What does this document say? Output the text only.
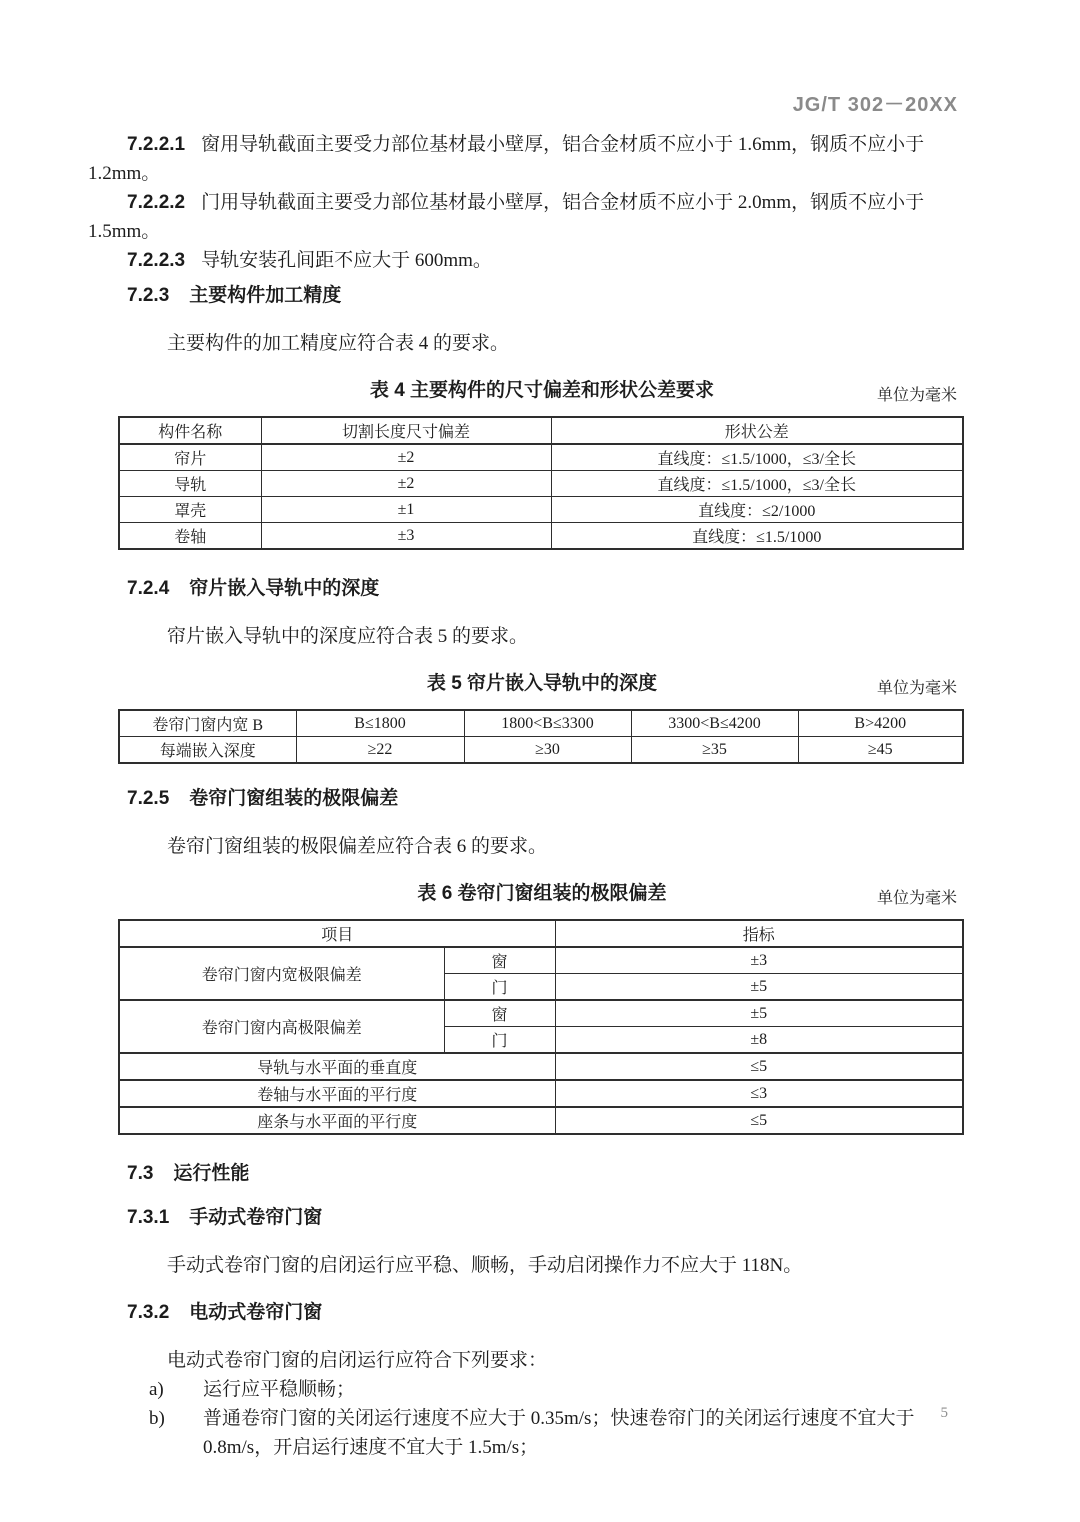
JG/T 302－20XX

7.2.2.1 窗用导轨截面主要受力部位基材最小壁厚，铝合金材质不应小于 1.6mm，钢质不应小于 1.2mm。

7.2.2.2 门用导轨截面主要受力部位基材最小壁厚，铝合金材质不应小于 2.0mm，钢质不应小于 1.5mm。

7.2.2.3 导轨安装孔间距不应大于 600mm。

7.2.3 主要构件加工精度

主要构件的加工精度应符合表 4 的要求。

表 4 主要构件的尺寸偏差和形状公差要求	单位为毫米
构件名称	切割长度尺寸偏差	形状公差
帘片	±2	直线度：≤1.5/1000，≤3/全长
导轨	±2	直线度：≤1.5/1000，≤3/全长
罩壳	±1	直线度：≤2/1000
卷轴	±3	直线度：≤1.5/1000
7.2.4 帘片嵌入导轨中的深度

帘片嵌入导轨中的深度应符合表 5 的要求。

表 5 帘片嵌入导轨中的深度	单位为毫米
卷帘门窗内宽 B	B≤1800	1800<B≤3300	3300<B≤4200	B>4200
每端嵌入深度	≥22	≥30	≥35	≥45
7.2.5 卷帘门窗组装的极限偏差

卷帘门窗组装的极限偏差应符合表 6 的要求。

表 6 卷帘门窗组装的极限偏差	单位为毫米
项目		指标
卷帘门窗内宽极限偏差	窗	±3
	门	±5
卷帘门窗内高极限偏差	窗	±5
	门	±8
导轨与水平面的垂直度		≤5
卷轴与水平面的平行度		≤3
座条与水平面的平行度		≤5
7.3 运行性能
7.3.1 手动式卷帘门窗

手动式卷帘门窗的启闭运行应平稳、顺畅，手动启闭操作力不应大于 118N。

7.3.2 电动式卷帘门窗

电动式卷帘门窗的启闭运行应符合下列要求：

a)	运行应平稳顺畅；
b)	普通卷帘门窗的关闭运行速度不应大于 0.35m/s；快速卷帘门的关闭运行速度不宜大于 0.8m/s，开启运行速度不宜大于 1.5m/s；
5
